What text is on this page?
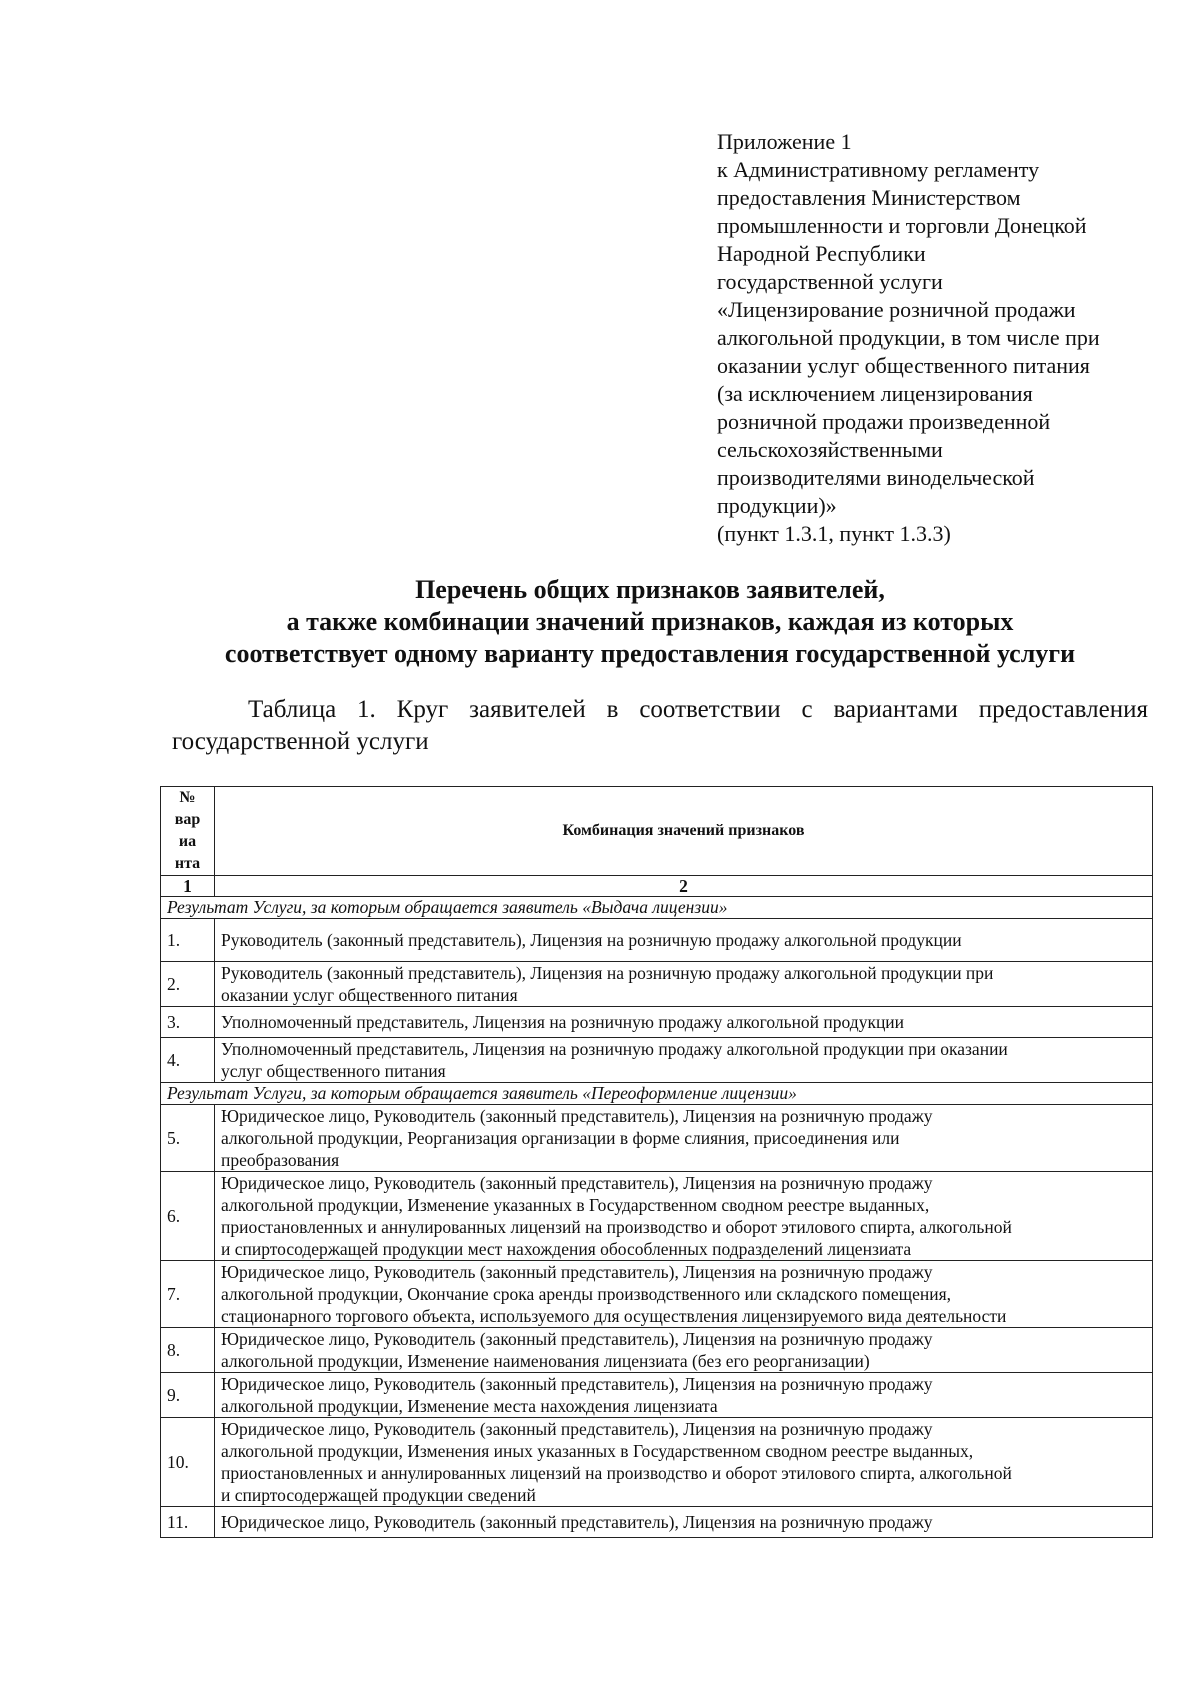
Приложение 1
к Административному регламенту
предоставления Министерством
промышленности и торговли Донецкой
Народной Республики
государственной услуги
«Лицензирование розничной продажи
алкогольной продукции, в том числе при
оказании услуг общественного питания
(за исключением лицензирования
розничной продажи произведенной
сельскохозяйственными
производителями винодельческой
продукции)»
(пункт 1.3.1, пункт 1.3.3)
Перечень общих признаков заявителей,
а также комбинации значений признаков, каждая из которых
соответствует одному варианту предоставления государственной услуги
Таблица 1. Круг заявителей в соответствии с вариантами предоставления
государственной услуги
№
вар
иа
нта	Комбинация значений признаков
1	2
Результат Услуги, за которым обращается заявитель «Выдача лицензии»	
1.	Руководитель (законный представитель), Лицензия на розничную продажу алкогольной продукции

2.	Руководитель (законный представитель), Лицензия на розничную продажу алкогольной продукции при
оказании услуг общественного питания

3.	Уполномоченный представитель, Лицензия на розничную продажу алкогольной продукции

4.	Уполномоченный представитель, Лицензия на розничную продажу алкогольной продукции при оказании
услуг общественного питания

Результат Услуги, за которым обращается заявитель «Переоформление лицензии»	
5.	Юридическое лицо, Руководитель (законный представитель), Лицензия на розничную продажу
алкогольной продукции, Реорганизация организации в форме слияния, присоединения или
преобразования

6.	Юридическое лицо, Руководитель (законный представитель), Лицензия на розничную продажу
алкогольной продукции, Изменение указанных в Государственном сводном реестре выданных,
приостановленных и аннулированных лицензий на производство и оборот этилового спирта, алкогольной
и спиртосодержащей продукции мест нахождения обособленных подразделений лицензиата

7.	Юридическое лицо, Руководитель (законный представитель), Лицензия на розничную продажу
алкогольной продукции, Окончание срока аренды производственного или складского помещения,
стационарного торгового объекта, используемого для осуществления лицензируемого вида деятельности

8.	Юридическое лицо, Руководитель (законный представитель), Лицензия на розничную продажу
алкогольной продукции, Изменение наименования лицензиата (без его реорганизации)

9.	Юридическое лицо, Руководитель (законный представитель), Лицензия на розничную продажу
алкогольной продукции, Изменение места нахождения лицензиата

10.	Юридическое лицо, Руководитель (законный представитель), Лицензия на розничную продажу
алкогольной продукции, Изменения иных указанных в Государственном сводном реестре выданных,
приостановленных и аннулированных лицензий на производство и оборот этилового спирта, алкогольной
и спиртосодержащей продукции сведений

11.	Юридическое лицо, Руководитель (законный представитель), Лицензия на розничную продажу
